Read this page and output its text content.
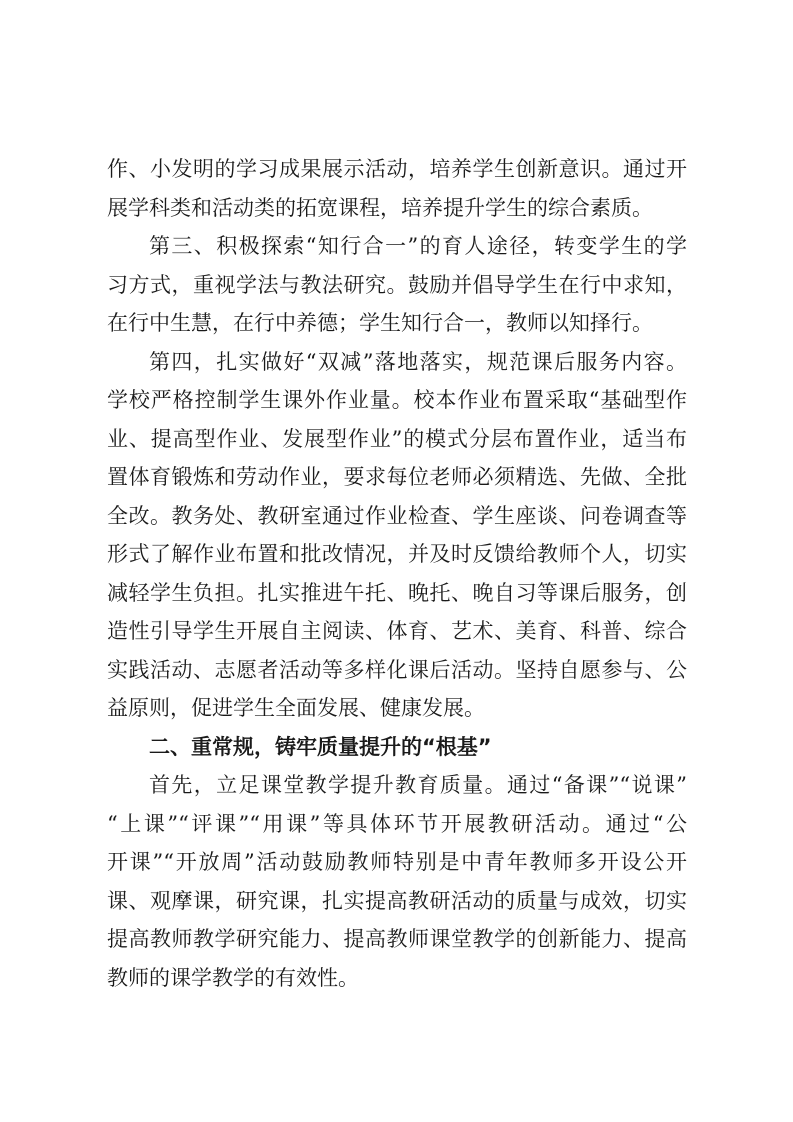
作、小发明的学习成果展示活动，培养学生创新意识。通过开
展学科类和活动类的拓宽课程，培养提升学生的综合素质。
第三、积极探索“知行合一”的育人途径，转变学生的学
习方式，重视学法与教法研究。鼓励并倡导学生在行中求知，
在行中生慧，在行中养德；学生知行合一，教师以知择行。
第四，扎实做好“双减”落地落实，规范课后服务内容。
学校严格控制学生课外作业量。校本作业布置采取“基础型作
业、提高型作业、发展型作业”的模式分层布置作业，适当布
置体育锻炼和劳动作业，要求每位老师必须精选、先做、全批
全改。教务处、教研室通过作业检查、学生座谈、问卷调查等
形式了解作业布置和批改情况，并及时反馈给教师个人，切实
减轻学生负担。扎实推进午托、晚托、晚自习等课后服务，创
造性引导学生开展自主阅读、体育、艺术、美育、科普、综合
实践活动、志愿者活动等多样化课后活动。坚持自愿参与、公
益原则，促进学生全面发展、健康发展。
二、重常规，铸牢质量提升的“根基”
首先，立足课堂教学提升教育质量。通过“备课”“说课”
“上课”“评课”“用课”等具体环节开展教研活动。通过“公
开课”“开放周”活动鼓励教师特别是中青年教师多开设公开
课、观摩课，研究课，扎实提高教研活动的质量与成效，切实
提高教师教学研究能力、提高教师课堂教学的创新能力、提高
教师的课学教学的有效性。
